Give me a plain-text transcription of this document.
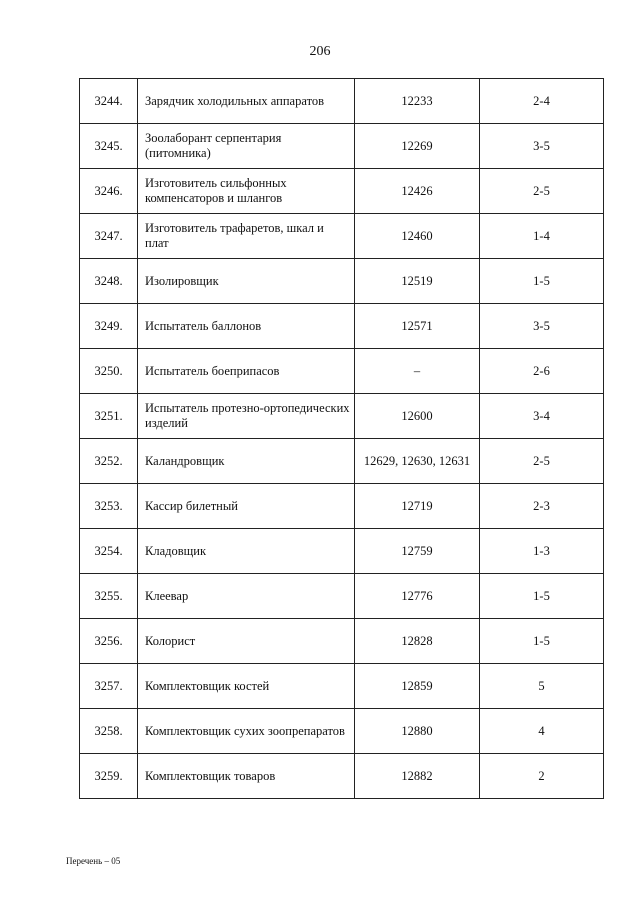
206
3244.	Зарядчик холодильных аппаратов	12233	2-4
3245.	Зоолаборант серпентария (питомника)	12269	3-5
3246.	Изготовитель сильфонных компенсаторов и шлангов	12426	2-5
3247.	Изготовитель трафаретов, шкал и плат	12460	1-4
3248.	Изолировщик	12519	1-5
3249.	Испытатель баллонов	12571	3-5
3250.	Испытатель боеприпасов	–	2-6
3251.	Испытатель протезно-ортопедических изделий	12600	3-4
3252.	Каландровщик	12629, 12630, 12631	2-5
3253.	Кассир билетный	12719	2-3
3254.	Кладовщик	12759	1-3
3255.	Клеевар	12776	1-5
3256.	Колорист	12828	1-5
3257.	Комплектовщик костей	12859	5
3258.	Комплектовщик сухих зоопрепаратов	12880	4
3259.	Комплектовщик товаров	12882	2
Перечень – 05
